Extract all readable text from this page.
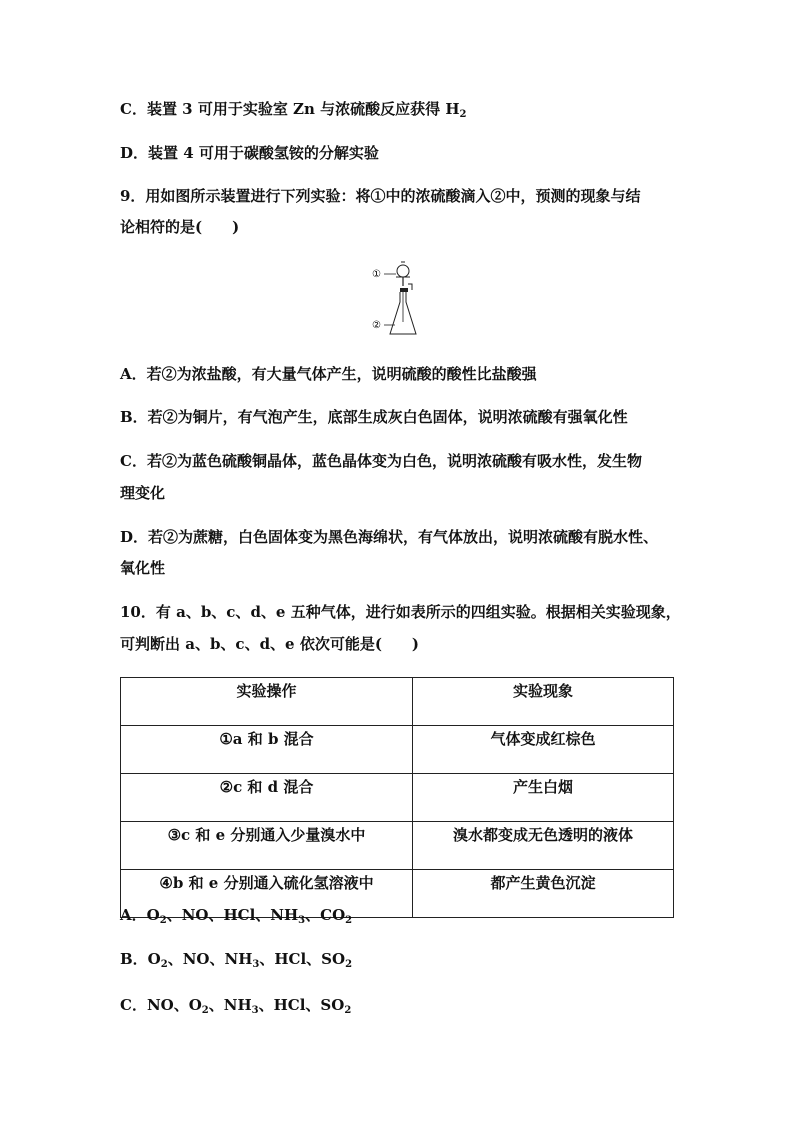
C．装置 3 可用于实验室 Zn 与浓硫酸反应获得 $H_2$
D．装置 4 可用于碳酸氢铵的分解实验
9．用如图所示装置进行下列实验：将①中的浓硫酸滴入②中，预测的现象与结
论相符的是(　　)
①
②
A．若②为浓盐酸，有大量气体产生，说明硫酸的酸性比盐酸强
B．若②为铜片，有气泡产生，底部生成灰白色固体，说明浓硫酸有强氧化性
C．若②为蓝色硫酸铜晶体，蓝色晶体变为白色，说明浓硫酸有吸水性，发生物
理变化
D．若②为蔗糖，白色固体变为黑色海绵状，有气体放出，说明浓硫酸有脱水性、
氧化性
10．有 a、b、c、d、e 五种气体，进行如表所示的四组实验。根据相关实验现象，
可判断出 a、b、c、d、e 依次可能是(　　)
实验操作	实验现象
①a 和 b 混合	气体变成红棕色
②c 和 d 混合	产生白烟
③c 和 e 分别通入少量溴水中	溴水都变成无色透明的液体
④b 和 e 分别通入硫化氢溶液中	都产生黄色沉淀
A．$O_2$、NO、HCl、$NH_3$、$CO_2$
B．$O_2$、NO、$NH_3$、HCl、$SO_2$
C．NO、$O_2$、$NH_3$、HCl、$SO_2$
